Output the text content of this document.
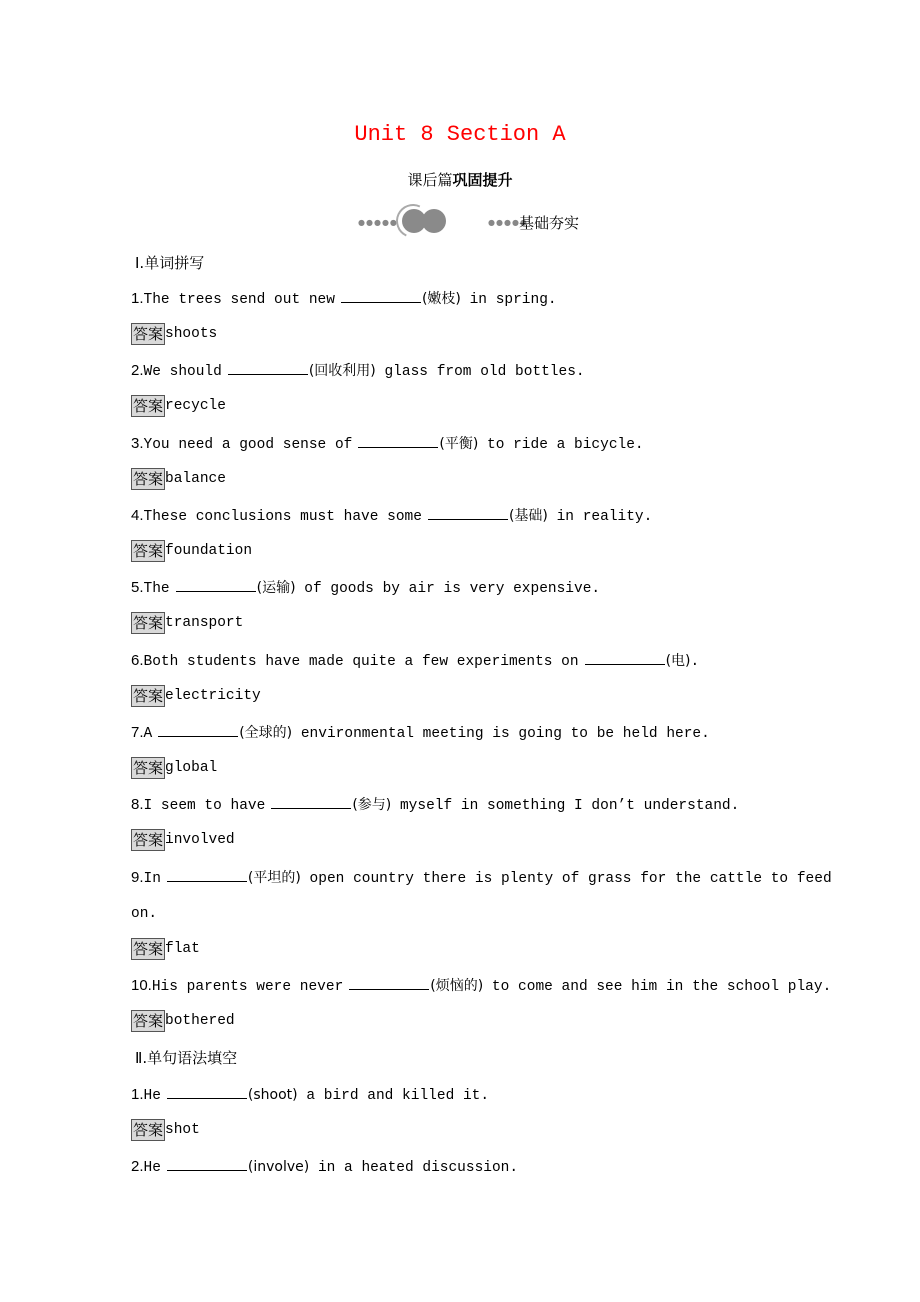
Unit 8 Section A
课后篇巩固提升
●●●●●	●●●●●
基础夯实
Ⅰ.单词拼写
1.The trees send out new	(嫩枝) in spring.
答案 shoots
2.We should	(回收利用) glass from old bottles.
答案 recycle
3.You need a good sense of	(平衡) to ride a bicycle.
答案 balance
4.These conclusions must have some	(基础) in reality.
答案 foundation
5.The	(运输) of goods by air is very expensive.
答案 transport
6.Both students have made quite a few experiments on	(电).
答案 electricity
7.A	(全球的) environmental meeting is going to be held here.
答案 global
8.I seem to have	(参与) myself in something I don’t understand.
答案 involved
9.In	(平坦的) open country there is plenty of grass for the cattle to feed
on.
答案 flat
10.His parents were never	(烦恼的) to come and see him in the school play.
答案 bothered
1.He	(shoot) a bird and killed it.
答案 shot
2.He	(involve) in a heated discussion.
Ⅱ.单句语法填空
